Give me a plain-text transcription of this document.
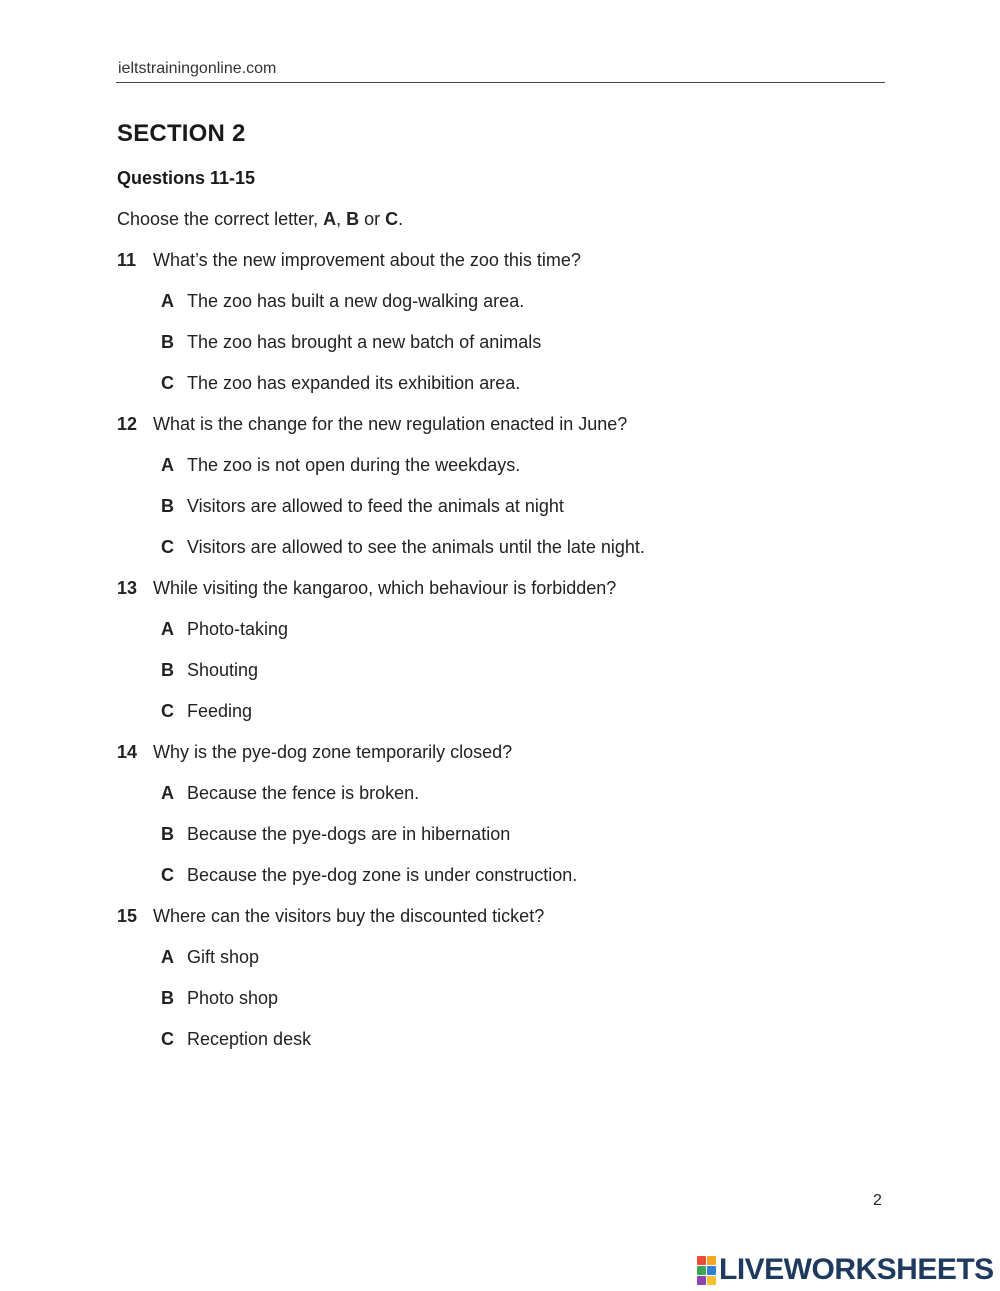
ieltstrainingonline.com
SECTION 2
Questions 11-15
Choose the correct letter, A, B or C.
11 What’s the new improvement about the zoo this time?
A The zoo has built a new dog-walking area.
B The zoo has brought a new batch of animals
C The zoo has expanded its exhibition area.
12 What is the change for the new regulation enacted in June?
A The zoo is not open during the weekdays.
B Visitors are allowed to feed the animals at night
C Visitors are allowed to see the animals until the late night.
13 While visiting the kangaroo, which behaviour is forbidden?
A Photo-taking
B Shouting
C Feeding
14 Why is the pye-dog zone temporarily closed?
A Because the fence is broken.
B Because the pye-dogs are in hibernation
C Because the pye-dog zone is under construction.
15 Where can the visitors buy the discounted ticket?
A Gift shop
B Photo shop
C Reception desk
2
LIVEWORKSHEETS
